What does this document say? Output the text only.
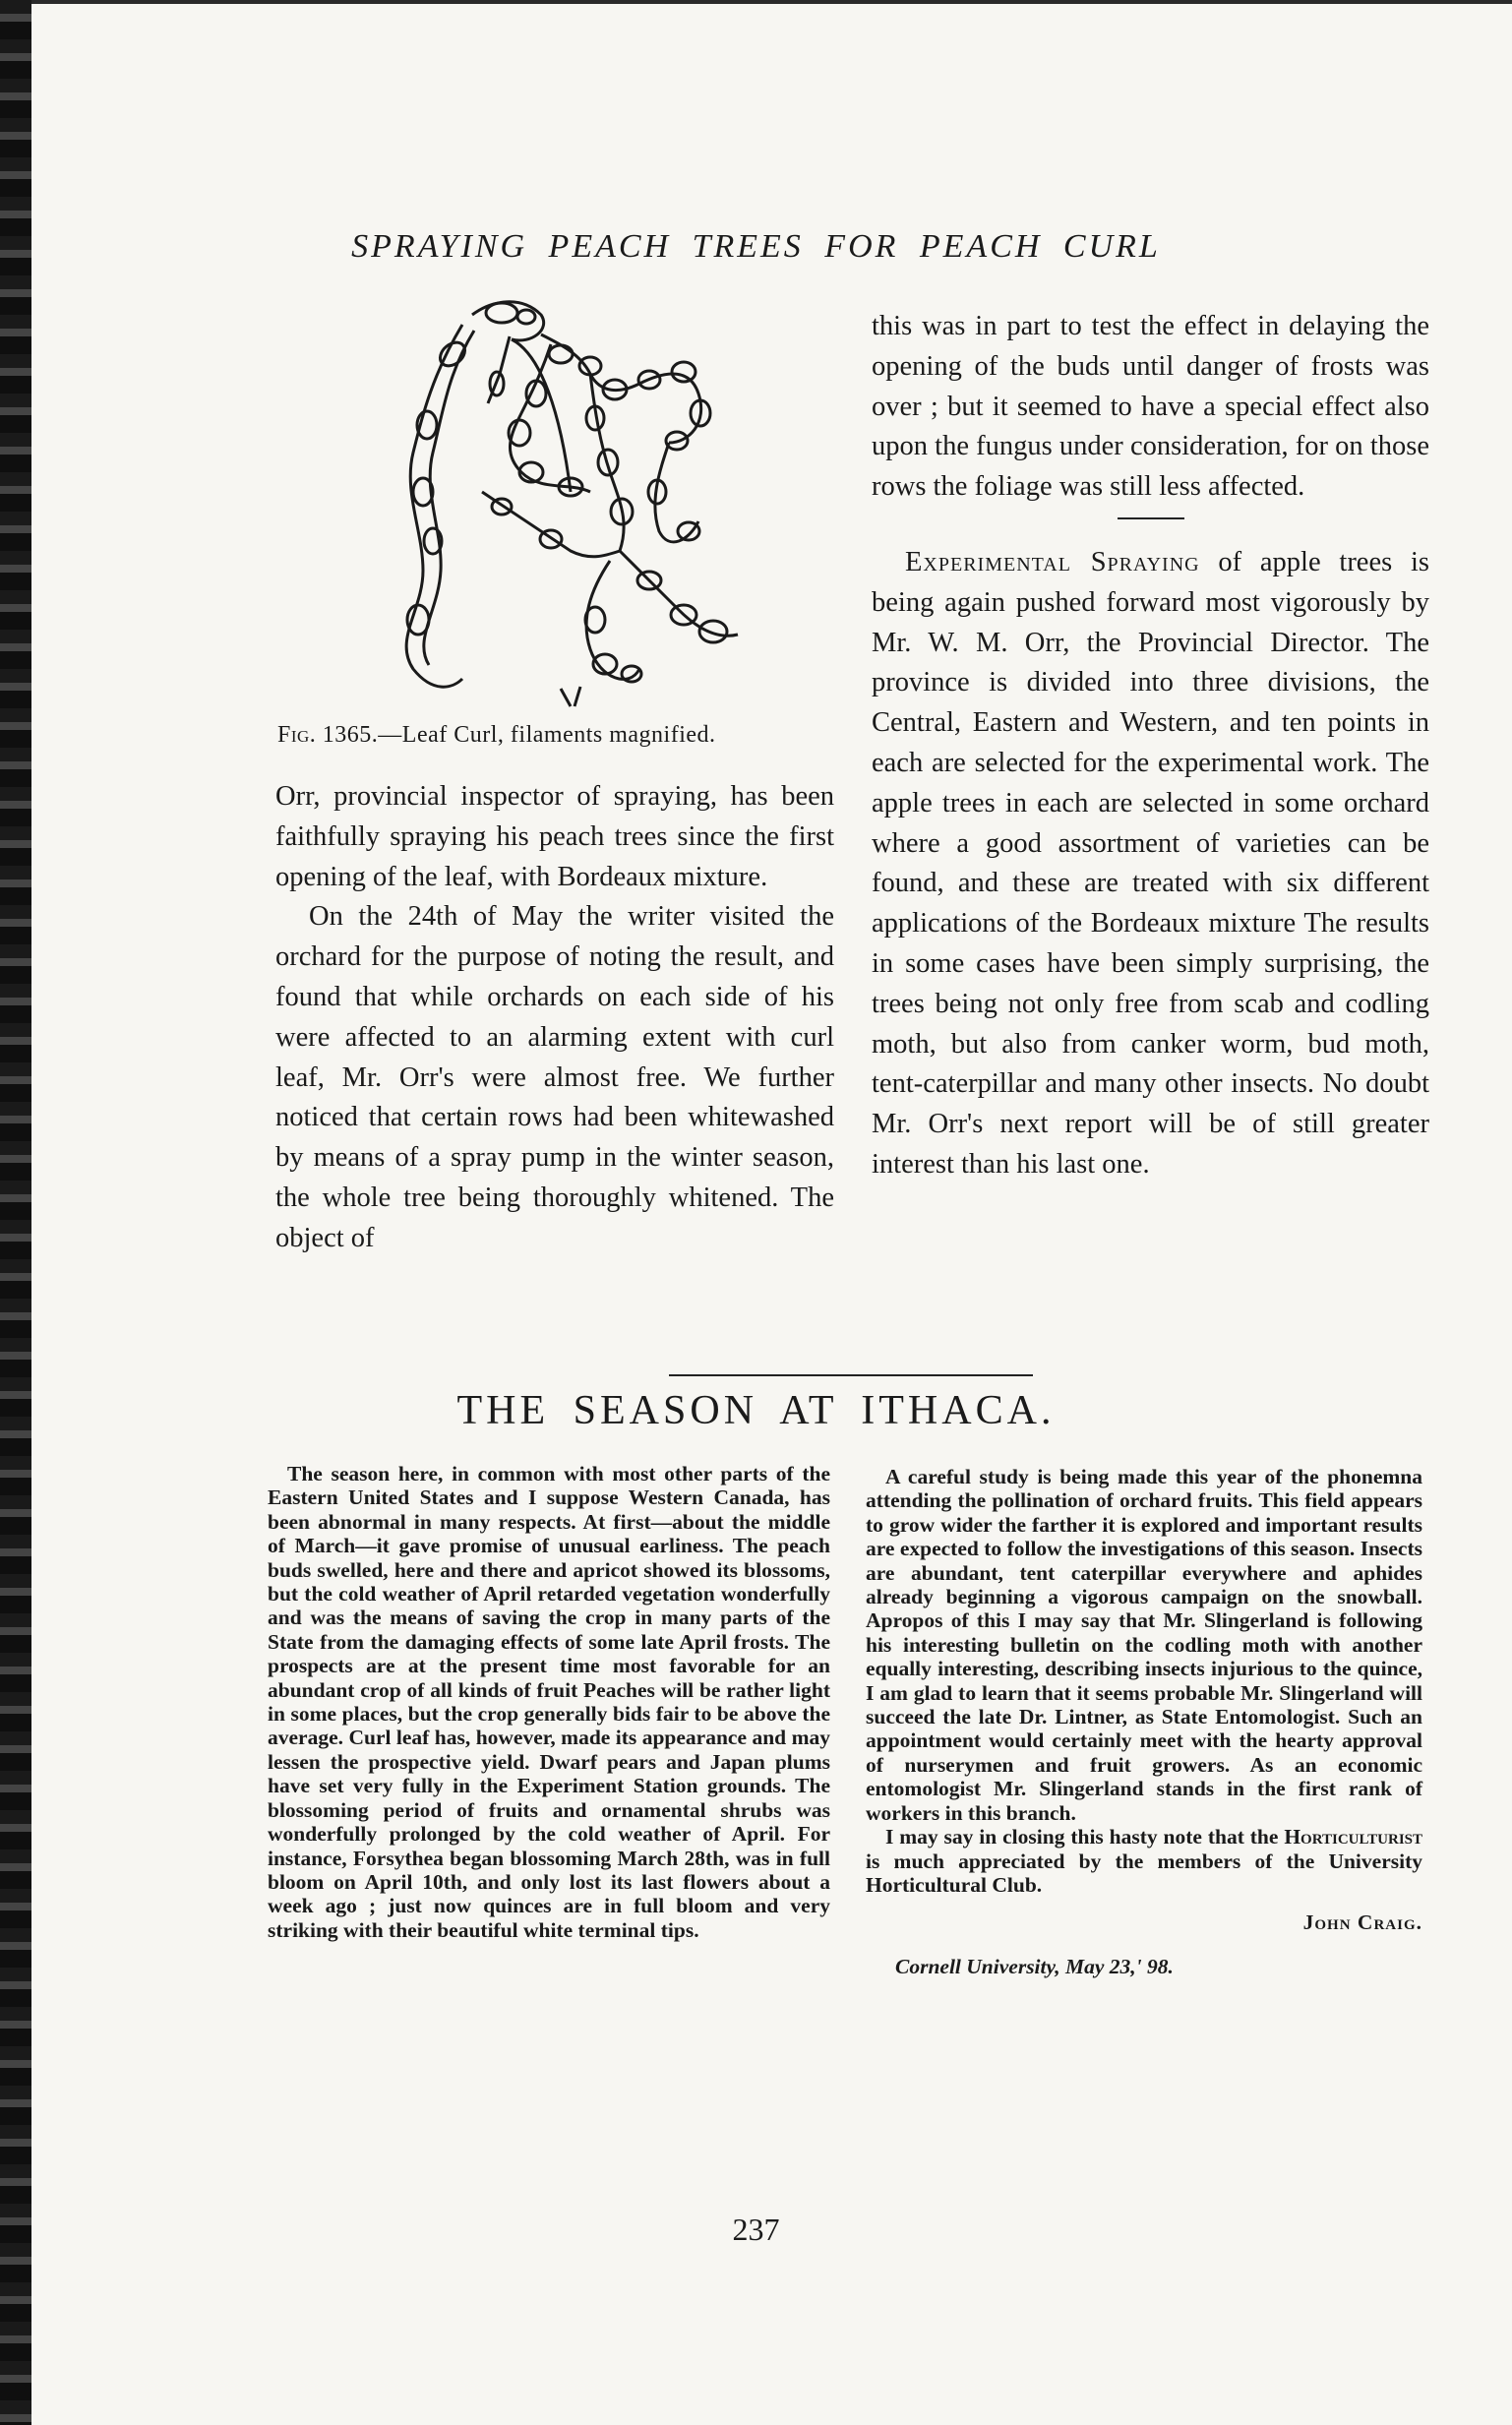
SPRAYING PEACH TREES FOR PEACH CURL
Fig. 1365.—Leaf Curl, filaments magnified.

Orr, provincial inspector of spraying, has been faithfully spraying his peach trees since the first opening of the leaf, with Bordeaux mixture.

On the 24th of May the writer visited the orchard for the purpose of noting the result, and found that while orchards on each side of his were affected to an alarming extent with curl leaf, Mr. Orr's were almost free. We further noticed that certain rows had been whitewashed by means of a spray pump in the winter season, the whole tree being thoroughly whitened. The object of

this was in part to test the effect in delaying the opening of the buds until danger of frosts was over ; but it seemed to have a special effect also upon the fungus under consideration, for on those rows the foliage was still less affected.

Experimental Spraying of apple trees is being again pushed forward most vigorously by Mr. W. M. Orr, the Provincial Director. The province is divided into three divisions, the Central, Eastern and Western, and ten points in each are selected for the experimental work. The apple trees in each are selected in some orchard where a good assortment of varieties can be found, and these are treated with six different applications of the Bordeaux mixture The results in some cases have been simply surprising, the trees being not only free from scab and codling moth, but also from canker worm, bud moth, tent-caterpillar and many other insects. No doubt Mr. Orr's next report will be of still greater interest than his last one.

THE SEASON AT ITHACA.

The season here, in common with most other parts of the Eastern United States and I suppose Western Canada, has been abnormal in many respects. At first—about the middle of March—it gave promise of unusual earliness. The peach buds swelled, here and there and apricot showed its blossoms, but the cold weather of April retarded vegetation wonderfully and was the means of saving the crop in many parts of the State from the damaging effects of some late April frosts. The prospects are at the present time most favorable for an abundant crop of all kinds of fruit Peaches will be rather light in some places, but the crop generally bids fair to be above the average. Curl leaf has, however, made its appearance and may lessen the prospective yield. Dwarf pears and Japan plums have set very fully in the Experiment Station grounds. The blossoming period of fruits and ornamental shrubs was wonderfully prolonged by the cold weather of April. For instance, Forsythea began blossoming March 28th, was in full bloom on April 10th, and only lost its last flowers about a week ago ; just now quinces are in full bloom and very striking with their beautiful white terminal tips.

A careful study is being made this year of the phonemna attending the pollination of orchard fruits. This field appears to grow wider the farther it is explored and important results are expected to follow the investigations of this season. Insects are abundant, tent caterpillar everywhere and aphides already beginning a vigorous campaign on the snowball. Apropos of this I may say that Mr. Slingerland is following his interesting bulletin on the codling moth with another equally interesting, describing insects injurious to the quince, I am glad to learn that it seems probable Mr. Slingerland will succeed the late Dr. Lintner, as State Entomologist. Such an appointment would certainly meet with the hearty approval of nurserymen and fruit growers. As an economic entomologist Mr. Slingerland stands in the first rank of workers in this branch.

I may say in closing this hasty note that the Horticulturist is much appreciated by the members of the University Horticultural Club.

John Craig.

Cornell University, May 23,' 98.

237
